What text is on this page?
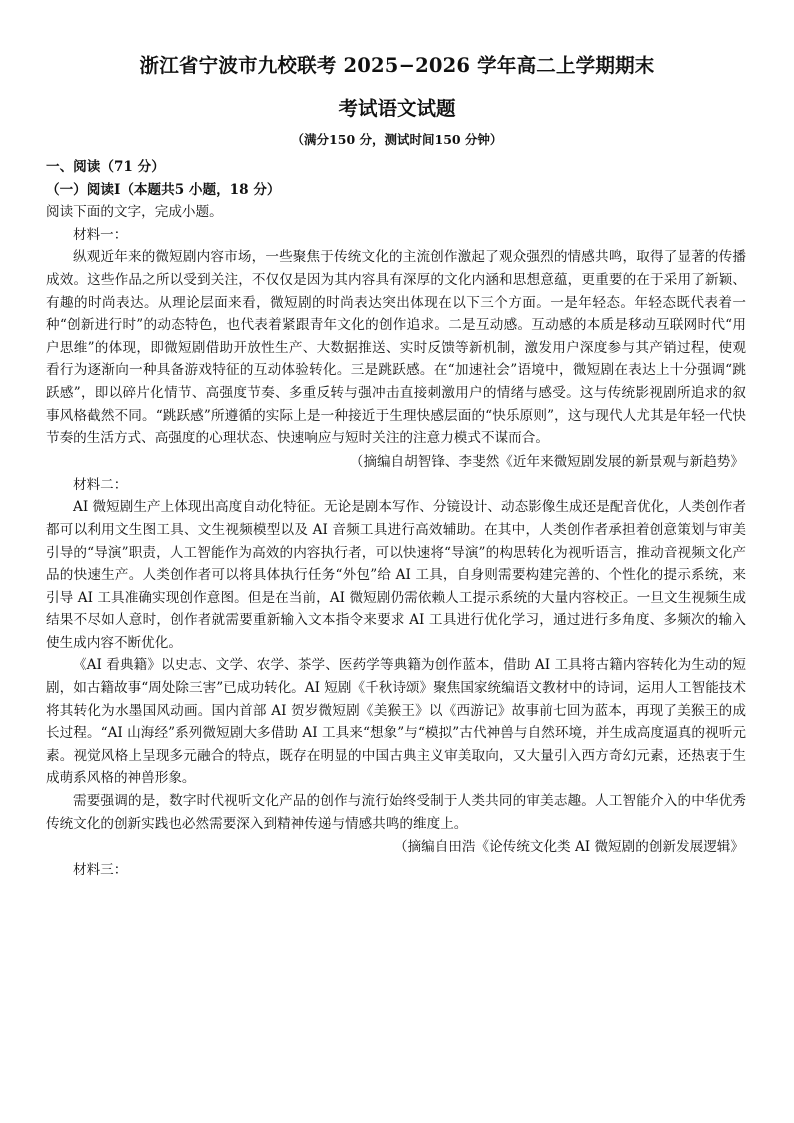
浙江省宁波市九校联考 2025−2026 学年高二上学期期末
考试语文试题
（满分150 分，测试时间150 分钟）
一、阅读（71 分）
（一）阅读Ⅰ（本题共5 小题，18 分）
阅读下面的文字，完成小题。
材料一：

纵观近年来的微短剧内容市场，一些聚焦于传统文化的主流创作激起了观众强烈的情感共鸣，取得了显著的传播成效。这些作品之所以受到关注，不仅仅是因为其内容具有深厚的文化内涵和思想意蕴，更重要的在于采用了新颖、有趣的时尚表达。从理论层面来看，微短剧的时尚表达突出体现在以下三个方面。一是年轻态。年轻态既代表着一种“创新进行时”的动态特色，也代表着紧跟青年文化的创作追求。二是互动感。互动感的本质是移动互联网时代“用户思维”的体现，即微短剧借助开放性生产、大数据推送、实时反馈等新机制，激发用户深度参与其产销过程，使观看行为逐渐向一种具备游戏特征的互动体验转化。三是跳跃感。在“加速社会”语境中，微短剧在表达上十分强调“跳跃感”，即以碎片化情节、高强度节奏、多重反转与强冲击直接刺激用户的情绪与感受。这与传统影视剧所追求的叙事风格截然不同。“跳跃感”所遵循的实际上是一种接近于生理快感层面的“快乐原则”，这与现代人尤其是年轻一代快节奏的生活方式、高强度的心理状态、快速响应与短时关注的注意力模式不谋而合。

（摘编自胡智锋、李斐然《近年来微短剧发展的新景观与新趋势》
材料二：

AI 微短剧生产上体现出高度自动化特征。无论是剧本写作、分镜设计、动态影像生成还是配音优化，人类创作者都可以利用文生图工具、文生视频模型以及 AI 音频工具进行高效辅助。在其中，人类创作者承担着创意策划与审美引导的“导演”职责，人工智能作为高效的内容执行者，可以快速将“导演”的构思转化为视听语言，推动音视频文化产品的快速生产。人类创作者可以将具体执行任务“外包”给 AI 工具，自身则需要构建完善的、个性化的提示系统，来引导 AI 工具准确实现创作意图。但是在当前，AI 微短剧仍需依赖人工提示系统的大量内容校正。一旦文生视频生成结果不尽如人意时，创作者就需要重新输入文本指令来要求 AI 工具进行优化学习，通过进行多角度、多频次的输入使生成内容不断优化。

《AI 看典籍》以史志、文学、农学、茶学、医药学等典籍为创作蓝本，借助 AI 工具将古籍内容转化为生动的短剧，如古籍故事“周处除三害”已成功转化。AI 短剧《千秋诗颂》聚焦国家统编语文教材中的诗词，运用人工智能技术将其转化为水墨国风动画。国内首部 AI 贺岁微短剧《美猴王》以《西游记》故事前七回为蓝本，再现了美猴王的成长过程。“AI 山海经”系列微短剧大多借助 AI 工具来“想象”与“模拟”古代神兽与自然环境，并生成高度逼真的视听元素。视觉风格上呈现多元融合的特点，既存在明显的中国古典主义审美取向，又大量引入西方奇幻元素，还热衷于生成萌系风格的神兽形象。

需要强调的是，数字时代视听文化产品的创作与流行始终受制于人类共同的审美志趣。人工智能介入的中华优秀传统文化的创新实践也必然需要深入到精神传递与情感共鸣的维度上。

（摘编自田浩《论传统文化类 AI 微短剧的创新发展逻辑》
材料三：
